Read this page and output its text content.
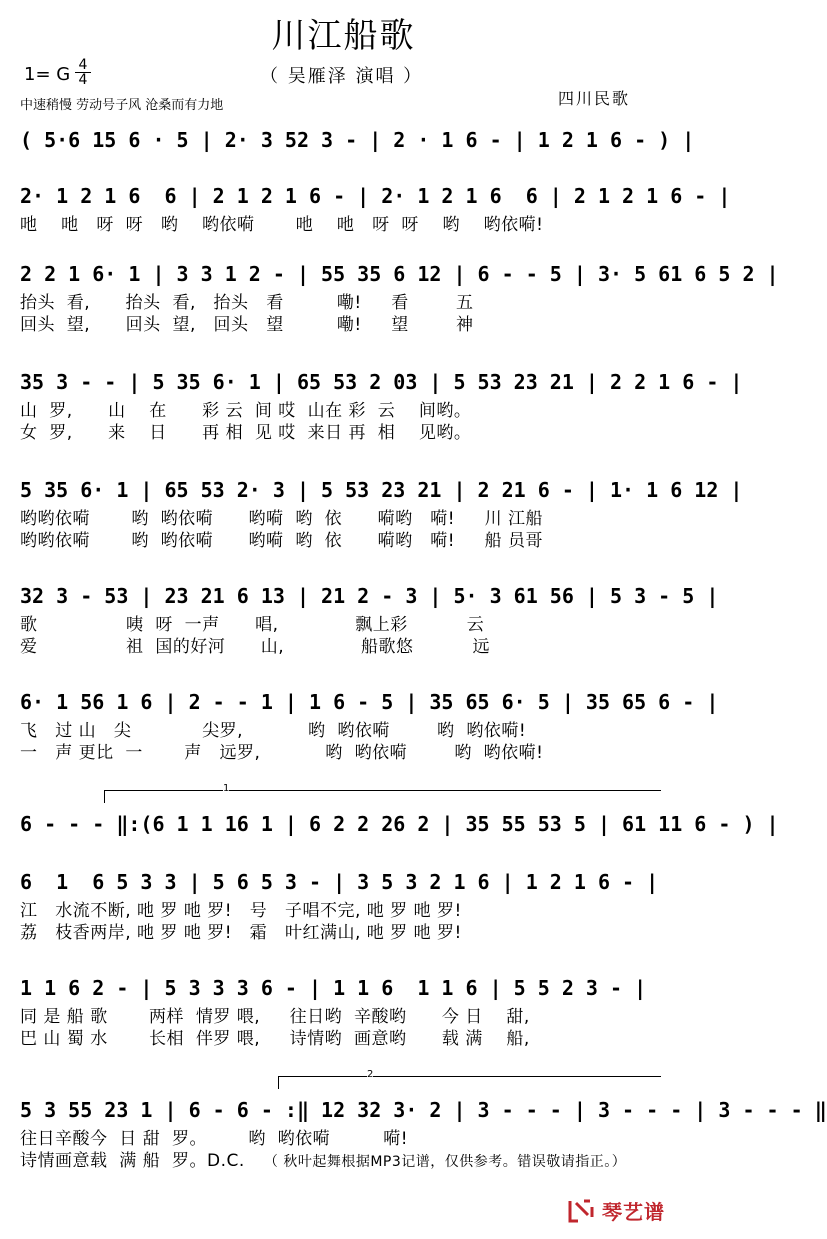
川江船歌
1= G 4
4	（ 吴雁泽 演唱 ）
中速稍慢 劳动号子风 沧桑而有力地	四川民歌
( 5·6 15 6 · 5 | 2· 3 52 3 - | 2 · 1 6 - | 1 2 1 6 - ) |
2· 1 2 1 6  6 | 2 1 2 1 6 - | 2· 1 2 1 6  6 | 2 1 2 1 6 - |
吔    吔   呀  呀   哟    哟依嗬       吔    吔   呀  呀    哟    哟依嗬!
2 2 1 6· 1 | 3 3 1 2 - | 55 35 6 12 | 6 - - 5 | 3· 5 61 6 5 2 |
抬头  看,      抬头  看,   抬头   看         嘞!     看        五
回头  望,      回头  望,   回头   望         嘞!     望        神
35 3 - - | 5 35 6· 1 | 65 53 2 03 | 5 53 23 21 | 2 2 1 6 - |
山  罗,      山    在      彩 云  间 哎  山在 彩  云    间哟。
女  罗,      来    日      再 相  见 哎  来日 再  相    见哟。
5 35 6· 1 | 65 53 2· 3 | 5 53 23 21 | 2 21 6 - | 1· 1 6 12 |
哟哟依嗬       哟  哟依嗬      哟嗬  哟  依      嗬哟   嗬!     川 江船
哟哟依嗬       哟  哟依嗬      哟嗬  哟  依      嗬哟   嗬!     船 员哥
32 3 - 53 | 23 21 6 13 | 21 2 - 3 | 5· 3 61 56 | 5 3 - 5 |
歌               咦  呀  一声      唱,             飘上彩          云
爱               祖  国的好河      山,             船歌悠          远
6· 1 56 1 6 | 2 - - 1 | 1 6 - 5 | 35 65 6· 5 | 35 65 6 - |
飞   过 山   尖            尖罗,           哟  哟依嗬        哟  哟依嗬!
一   声 更比  一       声   远罗,           哟  哟依嗬        哟  哟依嗬!
1
6 - - - ‖:(6 1 1 16 1 | 6 2 2 26 2 | 35 55 53 5 | 61 11 6 - ) |
6  1  6 5 3 3 | 5 6 5 3 - | 3 5 3 2 1 6 | 1 2 1 6 - |
江   水流不断, 吔 罗 吔 罗!   号   子唱不完, 吔 罗 吔 罗!
荔   枝香两岸, 吔 罗 吔 罗!   霜   叶红满山, 吔 罗 吔 罗!
1 1 6 2 - | 5 3 3 3 6 - | 1 1 6  1 1 6 | 5 5 2 3 - |
同 是 船 歌       两样  情罗 喂,     往日哟  辛酸哟      今 日    甜,
巴 山 蜀 水       长相  伴罗 喂,     诗情哟  画意哟      载 满    船,
2
5 3 55 23 1 | 6 - 6 - :‖ 12 32 3· 2 | 3 - - - | 3 - - - | 3 - - - ‖
往日辛酸今  日 甜  罗。       哟  哟依嗬         嗬!
诗情画意载  满 船  罗。D.C. （ 秋叶起舞根据MP3记谱，仅供参考。错误敬请指正。）
琴艺谱
